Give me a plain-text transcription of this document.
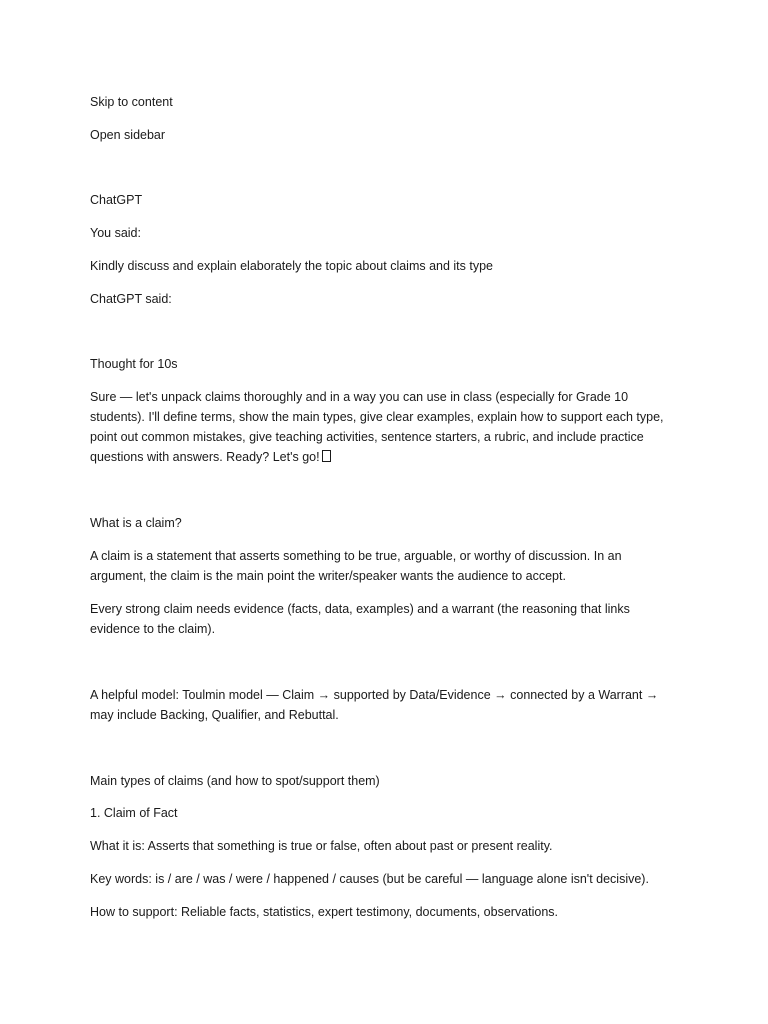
Skip to content
Open sidebar
ChatGPT
You said:
Kindly discuss and explain elaborately the topic about claims and its type
ChatGPT said:
Thought for 10s
Sure — let's unpack claims thoroughly and in a way you can use in class (especially for Grade 10
students). I'll define terms, show the main types, give clear examples, explain how to support each type,
point out common mistakes, give teaching activities, sentence starters, a rubric, and include practice
questions with answers. Ready? Let's go!
What is a claim?
A claim is a statement that asserts something to be true, arguable, or worthy of discussion. In an
argument, the claim is the main point the writer/speaker wants the audience to accept.
Every strong claim needs evidence (facts, data, examples) and a warrant (the reasoning that links
evidence to the claim).
A helpful model: Toulmin model — Claim → supported by Data/Evidence → connected by a Warrant →
may include Backing, Qualifier, and Rebuttal.
Main types of claims (and how to spot/support them)
1. Claim of Fact
What it is: Asserts that something is true or false, often about past or present reality.
Key words: is / are / was / were / happened / causes (but be careful — language alone isn't decisive).
How to support: Reliable facts, statistics, expert testimony, documents, observations.
